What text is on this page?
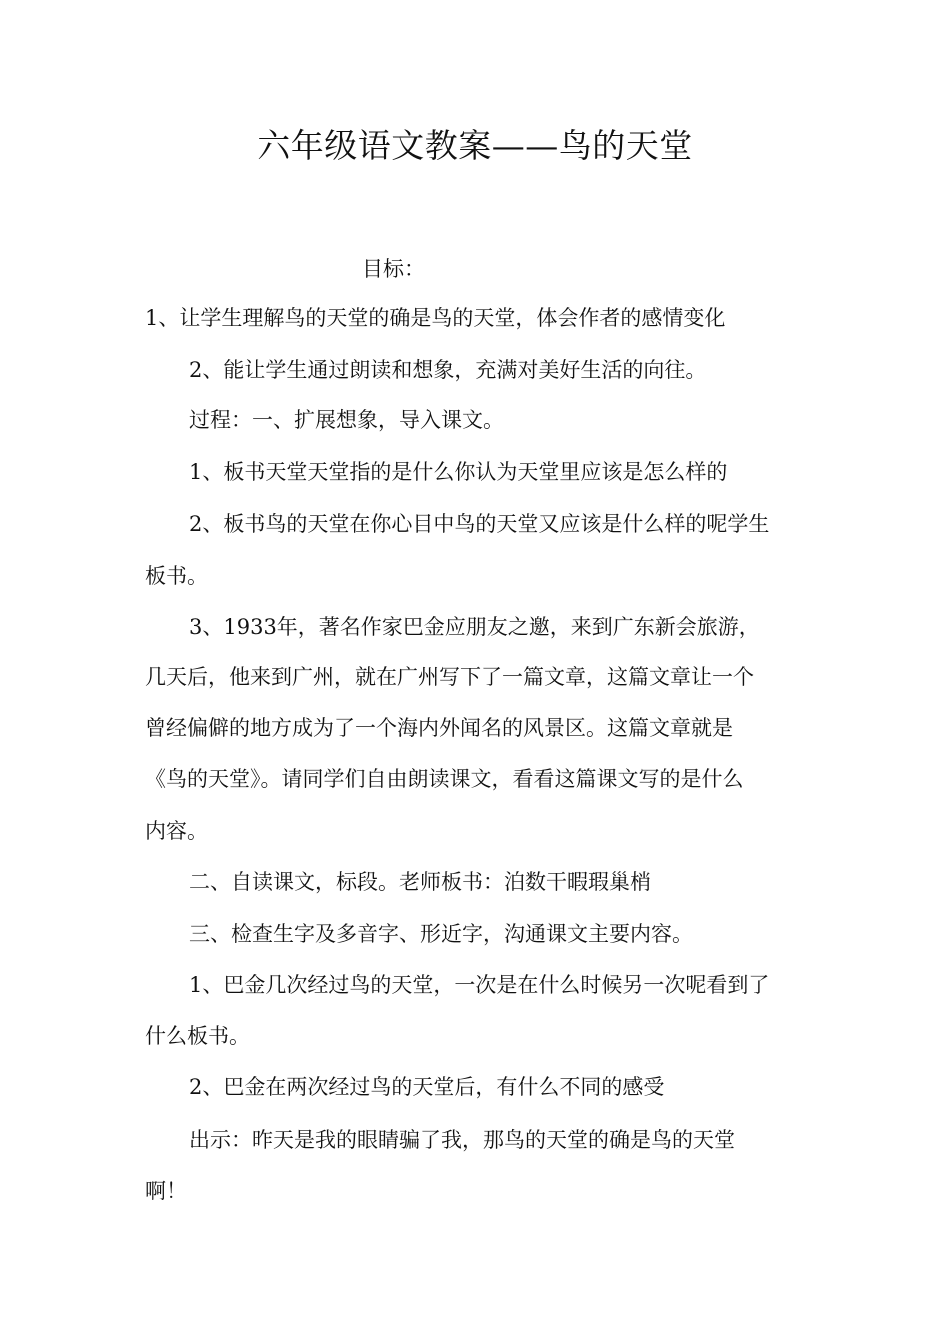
六年级语文教案——鸟的天堂
目标：
1、让学生理解鸟的天堂的确是鸟的天堂，体会作者的感情变化
2、能让学生通过朗读和想象，充满对美好生活的向往。
过程：一、扩展想象，导入课文。
1、板书天堂天堂指的是什么你认为天堂里应该是怎么样的
2、板书鸟的天堂在你心目中鸟的天堂又应该是什么样的呢学生
板书。
3、1933年，著名作家巴金应朋友之邀，来到广东新会旅游，
几天后，他来到广州，就在广州写下了一篇文章，这篇文章让一个
曾经偏僻的地方成为了一个海内外闻名的风景区。这篇文章就是
《鸟的天堂》。请同学们自由朗读课文，看看这篇课文写的是什么
内容。
二、自读课文，标段。老师板书：泊数干暇瑕巢梢
三、检查生字及多音字、形近字，沟通课文主要内容。
1、巴金几次经过鸟的天堂，一次是在什么时候另一次呢看到了
什么板书。
2、巴金在两次经过鸟的天堂后，有什么不同的感受
出示：昨天是我的眼睛骗了我，那鸟的天堂的确是鸟的天堂
啊！
